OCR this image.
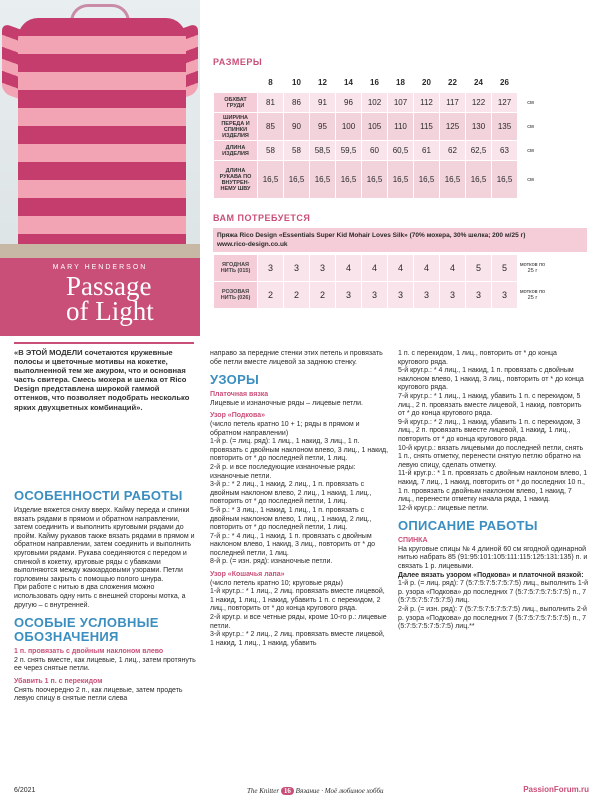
MARY HENDERSON
Passage
of Light
РАЗМЕРЫ
	8	10	12	14	16	18	20	22	24	26	
ОБХВАТ ГРУДИ	81	86	91	96	102	107	112	117	122	127	см
ШИРИНА ПЕРЕДА И СПИНКИ ИЗДЕЛИЯ	85	90	95	100	105	110	115	125	130	135	см
ДЛИНА ИЗДЕЛИЯ	58	58	58,5	59,5	60	60,5	61	62	62,5	63	см
ДЛИНА РУКАВА ПО ВНУТРЕН- НЕМУ ШВУ	16,5	16,5	16,5	16,5	16,5	16,5	16,5	16,5	16,5	16,5	см
ВАМ ПОТРЕБУЕТСЯ
Пряжа Rico Design «Essentials Super Kid Mohair Loves Silk» (70% мохера, 30% шелка; 200 м/25 г)
www.rico-design.co.uk
ЯГОДНАЯ НИТЬ (015)	3	3	3	4	4	4	4	4	5	5	мотков по 25 г
РОЗОВАЯ НИТЬ (026)	2	2	2	3	3	3	3	3	3	3	мотков по 25 г
«В ЭТОЙ МОДЕЛИ сочетаются кружевные полосы и цветочные мотивы на кокетке, выполненной тем же ажуром, что и основная часть свитера. Смесь мохера и шелка от Rico Design представлена широкой гаммой оттенков, что позволяет подобрать несколько ярких двухцветных комбинаций».
ОСОБЕННОСТИ РАБОТЫ

Изделие вяжется снизу вверх. Кайму переда и спинки вязать рядами в прямом и обратном направлении, затем соединить и выполнить круговыми рядами до пройм. Кайму рукавов также вязать рядами в прямом и обратном направлении, затем соединить и выполнить круговыми рядами. Рукава соединяются с передом и спинкой в кокетку, круговые ряды с убавками выполняются между жаккардовыми узорами. Петли горловины закрыть с помощью полого шнура.

При работе с нитью в два сложения можно использовать одну нить с внешней стороны мотка, а другую – с внутренней.

ОСОБЫЕ УСЛОВНЫЕ ОБОЗНАЧЕНИЯ
1 п. провязать с двойным наклоном влево

2 п. снять вместе, как лицевые, 1 лиц., затем протянуть ее через снятые петли.

Убавить 1 п. с перекидом

Снять поочередно 2 п., как лицевые, затем продеть левую спицу в снятые петли слева

направо за передние стенки этих петель и провязать обе петли вместе лицевой за заднюю стенку.

УЗОРЫ
Платочная вязка

Лицевые и изнаночные ряды – лицевые петли.

Узор «Подкова»

(число петель кратно 10 + 1; ряды в прямом и обратном направлении)

1-й р. (= лиц. ряд): 1 лиц., 1 накид, 3 лиц., 1 п. провязать с двойным наклоном влево, 3 лиц., 1 накид, повторить от * до последней петли, 1 лиц.

2-й р. и все последующие изнаночные ряды: изнаночные петли.

3-й р.: * 2 лиц., 1 накид, 2 лиц., 1 п. провязать с двойным наклоном влево, 2 лиц., 1 накид, 1 лиц., повторить от * до последней петли, 1 лиц.

5-й р.: * 3 лиц., 1 накид, 1 лиц., 1 п. провязать с двойным наклоном влево, 1 лиц., 1 накид, 2 лиц., повторить от * до последней петли, 1 лиц.

7-й р.: * 4 лиц., 1 накид, 1 п. провязать с двойным наклоном влево, 1 накид, 3 лиц., повторить от * до последней петли, 1 лиц.

8-й р. (= изн. ряд): изнаночные петли.

Узор «Кошачья лапа»

(число петель кратно 10; круговые ряды)

1-й круг.р.: * 1 лиц., 2 лиц. провязать вместе лицевой, 1 накид, 1 лиц., 1 накид, убавить 1 п. с перекидом, 2 лиц., повторить от * до конца кругового ряда.

2-й круг.р. и все четные ряды, кроме 10-го р.: лицевые петли.

3-й круг.р.: * 2 лиц., 2 лиц. провязать вместе лицевой, 1 накид, 1 лиц., 1 накид, убавить

1 п. с перекидом, 1 лиц., повторить от * до конца кругового ряда.

5-й круг.р.: * 4 лиц., 1 накид, 1 п. провязать с двойным наклоном влево, 1 накид, 3 лиц., повторить от * до конца кругового ряда.

7-й круг.р.: * 1 лиц., 1 накид, убавить 1 п. с перекидом, 5 лиц., 2 п. провязать вместе лицевой, 1 накид, повторить от * до конца кругового ряда.

9-й круг.р.: * 2 лиц., 1 накид, убавить 1 п. с перекидом, 3 лиц., 2 п. провязать вместе лицевой, 1 накид, 1 лиц., повторить от * до конца кругового ряда.

10-й круг.р.: вязать лицевыми до последней петли, снять 1 п., снять отметку, перенести снятую петлю обратно на левую спицу, сделать отметку.

11-й круг.р.: * 1 п. провязать с двойным наклоном влево, 1 накид, 7 лиц., 1 накид, повторить от * до последних 10 п., 1 п. провязать с двойным наклоном влево, 1 накид, 7 лиц., перенести отметку начала ряда, 1 накид.

12-й круг.р.: лицевые петли.

ОПИСАНИЕ РАБОТЫ
СПИНКА

На круговые спицы № 4 длиной 60 см ягодной одинарной нитью набрать 85 (91:95:101:105:111:115:125:131:135) п. и связать 1 р. лицевыми.

Далее вязать узором «Подкова» и платочной вязкой:

1-й р. (= лиц. ряд): 7 (5:7:5:7:5:7:5:7:5) лиц., выполнить 1-й р. узора «Подкова» до последних 7 (5:7:5:7:5:7:5:7:5) п., 7 (5:7:5:7:5:7:5:7:5) лиц.

2-й р. (= изн. ряд): 7 (5:7:5:7:5:7:5:7:5) лиц., выполнить 2-й р. узора «Подкова» до последних 7 (5:7:5:7:5:7:5:7:5) п., 7 (5:7:5:7:5:7:5:7:5) лиц.**

6/2021	The Knitter 16 Вязание · Моё любимое хобби	PassionForum.ru
